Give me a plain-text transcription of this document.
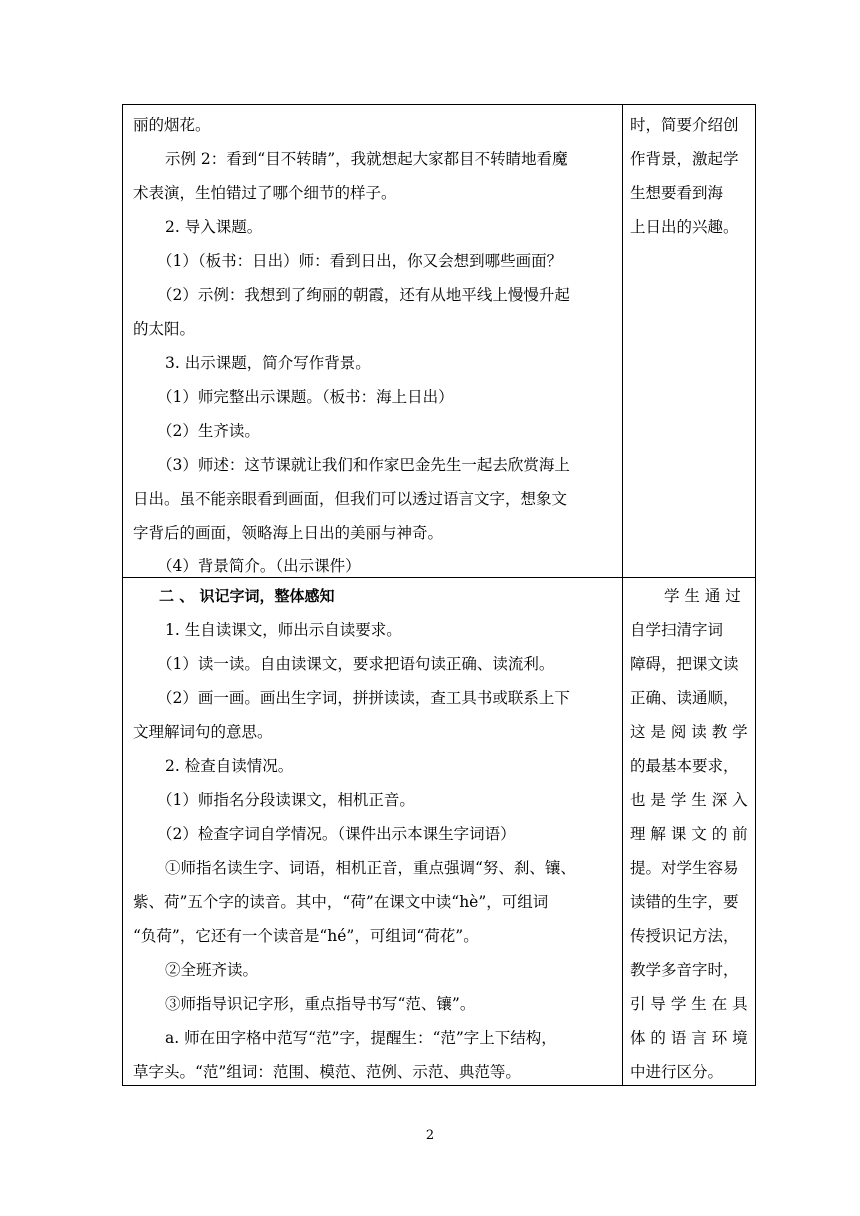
丽的烟花。
示例 2：看到“目不转睛”，我就想起大家都目不转睛地看魔
术表演，生怕错过了哪个细节的样子。
2. 导入课题。
（1）（板书：日出）师：看到日出，你又会想到哪些画面？
（2）示例：我想到了绚丽的朝霞，还有从地平线上慢慢升起
的太阳。
3. 出示课题，简介写作背景。
（1）师完整出示课题。（板书：海上日出）
（2）生齐读。
（3）师述：这节课就让我们和作家巴金先生一起去欣赏海上
日出。虽不能亲眼看到画面，但我们可以透过语言文字，想象文
字背后的画面，领略海上日出的美丽与神奇。
（4）背景简介。（出示课件）
二 、 识记字词，整体感知
1. 生自读课文，师出示自读要求。
（1）读一读。自由读课文，要求把语句读正确、读流利。
（2）画一画。画出生字词，拼拼读读，查工具书或联系上下
文理解词句的意思。
2. 检查自读情况。
（1）师指名分段读课文，相机正音。
（2）检查字词自学情况。（课件出示本课生字词语）
①师指名读生字、词语，相机正音，重点强调“努、刹、镶、
紫、荷”五个字的读音。其中，“荷”在课文中读“hè”，可组词
“负荷”，它还有一个读音是“hé”，可组词“荷花”。
②全班齐读。
③师指导识记字形，重点指导书写“范、镶”。
a. 师在田字格中范写“范”字，提醒生：“范”字上下结构，
草字头。“范”组词：范围、模范、范例、示范、典范等。
时，简要介绍创
作背景，激起学
生想要看到海
上日出的兴趣。
学 生 通 过
自学扫清字词
障碍，把课文读
正确、读通顺，
这 是 阅 读 教 学
的最基本要求，
也 是 学 生 深 入
理 解 课 文 的 前
提。对学生容易
读错的生字，要
传授识记方法，
教学多音字时，
引 导 学 生 在 具
体 的 语 言 环 境
中进行区分。
2
